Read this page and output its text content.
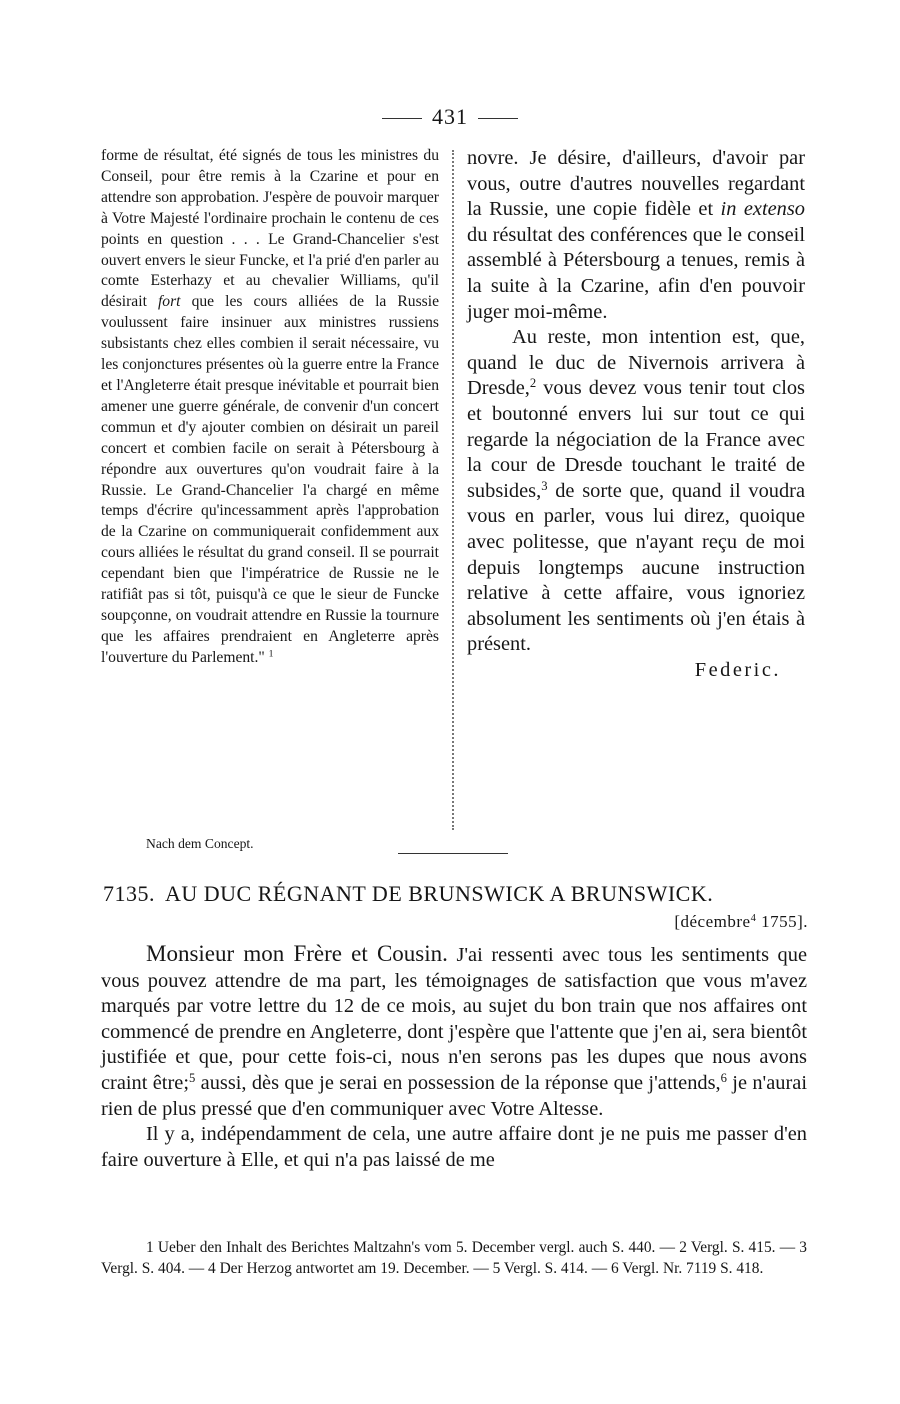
431

forme de résultat, été signés de tous les ministres du Conseil, pour être remis à la Czarine et pour en attendre son approbation. J'espère de pouvoir marquer à Votre Majesté l'ordinaire prochain le contenu de ces points en question . . . Le Grand-Chancelier s'est ouvert envers le sieur Funcke, et l'a prié d'en parler au comte Esterhazy et au chevalier Williams, qu'il désirait fort que les cours alliées de la Russie voulussent faire insinuer aux ministres russiens subsistants chez elles combien il serait nécessaire, vu les conjonctures présentes où la guerre entre la France et l'Angleterre était presque inévitable et pourrait bien amener une guerre générale, de convenir d'un concert commun et d'y ajouter combien on désirait un pareil concert et combien facile on serait à Pétersbourg à répondre aux ouvertures qu'on voudrait faire à la Russie. Le Grand-Chancelier l'a chargé en même temps d'écrire qu'incessamment après l'approbation de la Czarine on communiquerait confidemment aux cours alliées le résultat du grand conseil. Il se pourrait cependant bien que l'impératrice de Russie ne le ratifiât pas si tôt, puisqu'à ce que le sieur de Funcke soupçonne, on voudrait attendre en Russie la tournure que les affaires prendraient en Angleterre après l'ouverture du Parlement." $^1$

novre. Je désire, d'ailleurs, d'avoir par vous, outre d'autres nouvelles regardant la Russie, une copie fidèle et in extenso du résultat des conférences que le conseil assemblé à Pétersbourg a tenues, remis à la suite à la Czarine, afin d'en pouvoir juger moi-même.

Au reste, mon intention est, que, quand le duc de Nivernois arrivera à Dresde,$^2$ vous devez vous tenir tout clos et boutonné envers lui sur tout ce qui regarde la négociation de la France avec la cour de Dresde touchant le traité de subsides,$^3$ de sorte que, quand il voudra vous en parler, vous lui direz, quoique avec politesse, que n'ayant reçu de moi depuis longtemps aucune instruction relative à cette affaire, vous ignoriez absolument les sentiments où j'en étais à présent.

Federic.

Nach dem Concept.
7135. AU DUC RÉGNANT DE BRUNSWICK A BRUNSWICK.
[décembre$^4$ 1755].

Monsieur mon Frère et Cousin. J'ai ressenti avec tous les sentiments que vous pouvez attendre de ma part, les témoignages de satisfaction que vous m'avez marqués par votre lettre du 12 de ce mois, au sujet du bon train que nos affaires ont commencé de prendre en Angleterre, dont j'espère que l'attente que j'en ai, sera bientôt justifiée et que, pour cette fois-ci, nous n'en serons pas les dupes que nous avons craint être;$^5$ aussi, dès que je serai en possession de la réponse que j'attends,$^6$ je n'aurai rien de plus pressé que d'en communiquer avec Votre Altesse.

Il y a, indépendamment de cela, une autre affaire dont je ne puis me passer d'en faire ouverture à Elle, et qui n'a pas laissé de me

1 Ueber den Inhalt des Berichtes Maltzahn's vom 5. December vergl. auch S. 440. — 2 Vergl. S. 415. — 3 Vergl. S. 404. — 4 Der Herzog antwortet am 19. December. — 5 Vergl. S. 414. — 6 Vergl. Nr. 7119 S. 418.
